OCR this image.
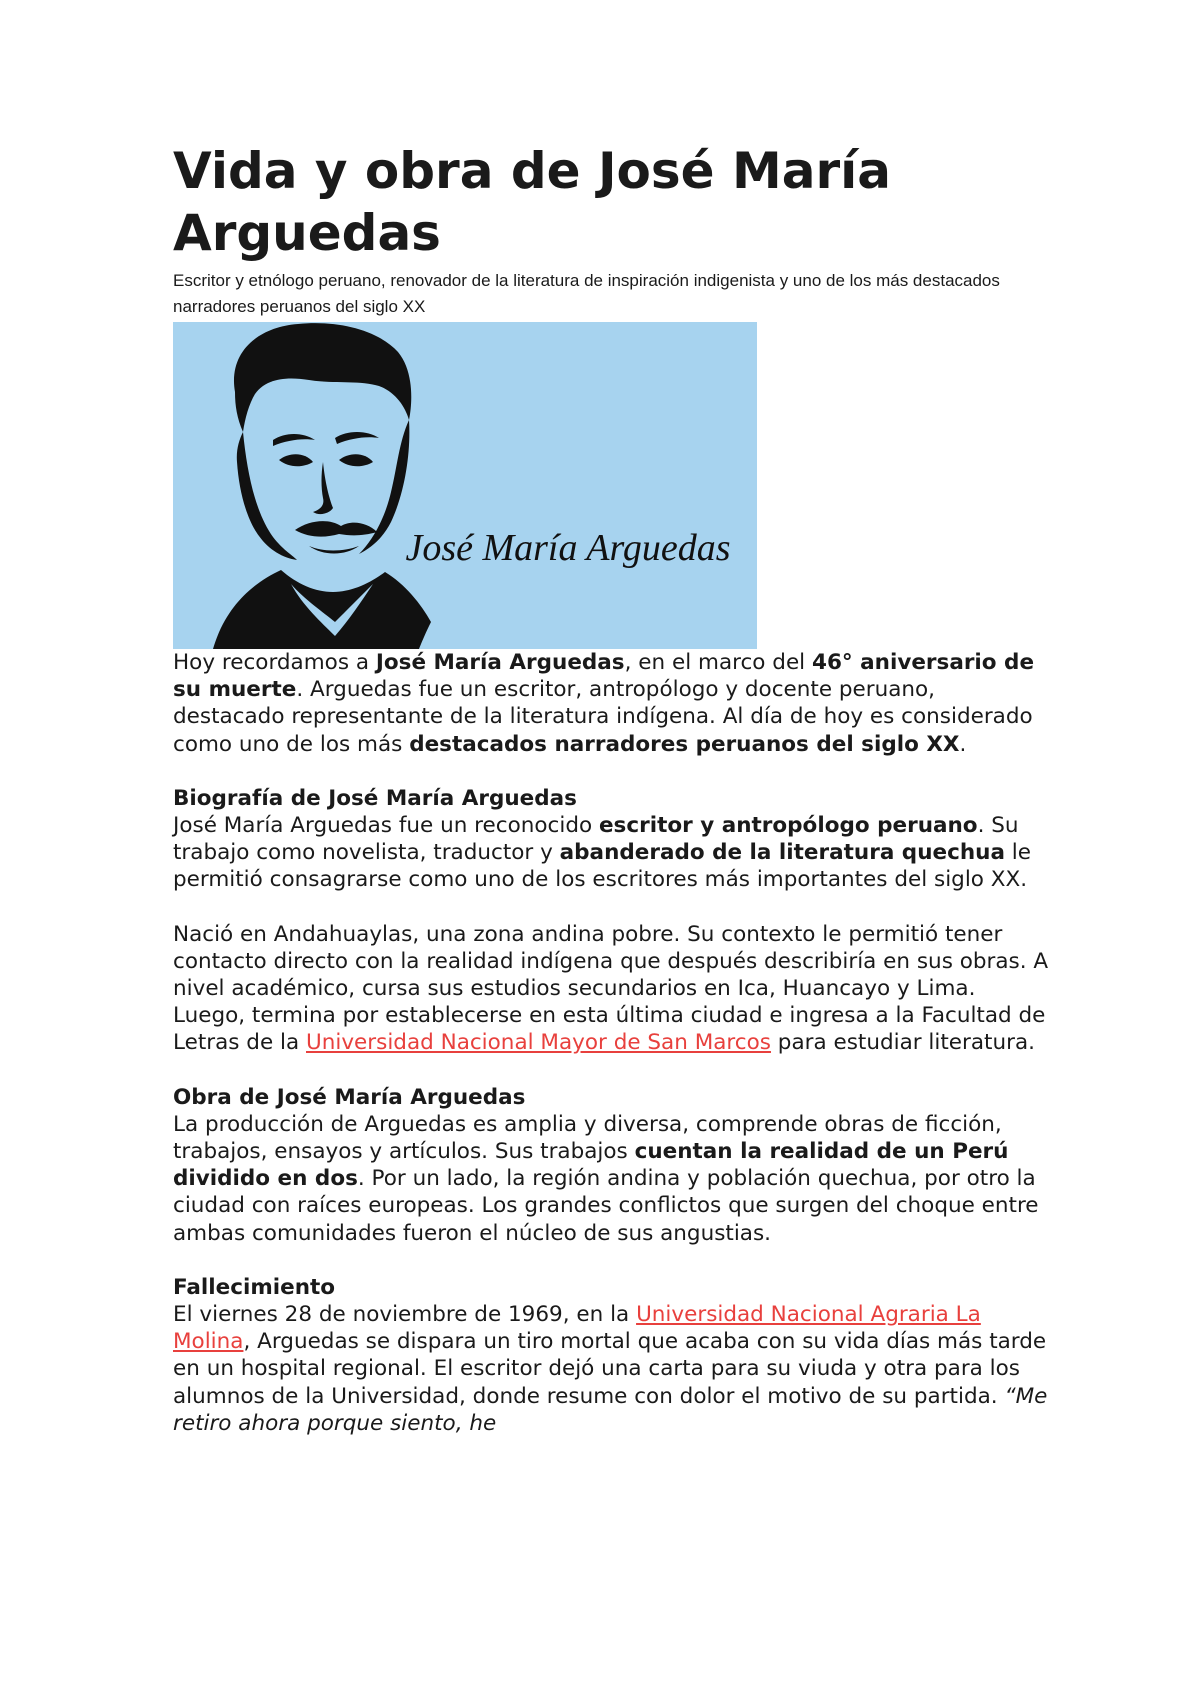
Vida y obra de José María Arguedas

Escritor y etnólogo peruano, renovador de la literatura de inspiración indigenista y uno de los más destacados narradores peruanos del siglo XX

José María Arguedas

Hoy recordamos a José María Arguedas, en el marco del 46° aniversario de su muerte. Arguedas fue un escritor, antropólogo y docente peruano, destacado representante de la literatura indígena. Al día de hoy es considerado como uno de los más destacados narradores peruanos del siglo XX.

Biografía de José María Arguedas

José María Arguedas fue un reconocido escritor y antropólogo peruano. Su trabajo como novelista, traductor y abanderado de la literatura quechua le permitió consagrarse como uno de los escritores más importantes del siglo XX.

Nació en Andahuaylas, una zona andina pobre. Su contexto le permitió tener contacto directo con la realidad indígena que después describiría en sus obras. A nivel académico, cursa sus estudios secundarios en Ica, Huancayo y Lima. Luego, termina por establecerse en esta última ciudad e ingresa a la Facultad de Letras de la Universidad Nacional Mayor de San Marcos para estudiar literatura.

Obra de José María Arguedas

La producción de Arguedas es amplia y diversa, comprende obras de ficción, trabajos, ensayos y artículos. Sus trabajos cuentan la realidad de un Perú dividido en dos. Por un lado, la región andina y población quechua, por otro la ciudad con raíces europeas. Los grandes conflictos que surgen del choque entre ambas comunidades fueron el núcleo de sus angustias.

Fallecimiento

El viernes 28 de noviembre de 1969, en la Universidad Nacional Agraria La Molina, Arguedas se dispara un tiro mortal que acaba con su vida días más tarde en un hospital regional. El escritor dejó una carta para su viuda y otra para los alumnos de la Universidad, donde resume con dolor el motivo de su partida. “Me retiro ahora porque siento, he
